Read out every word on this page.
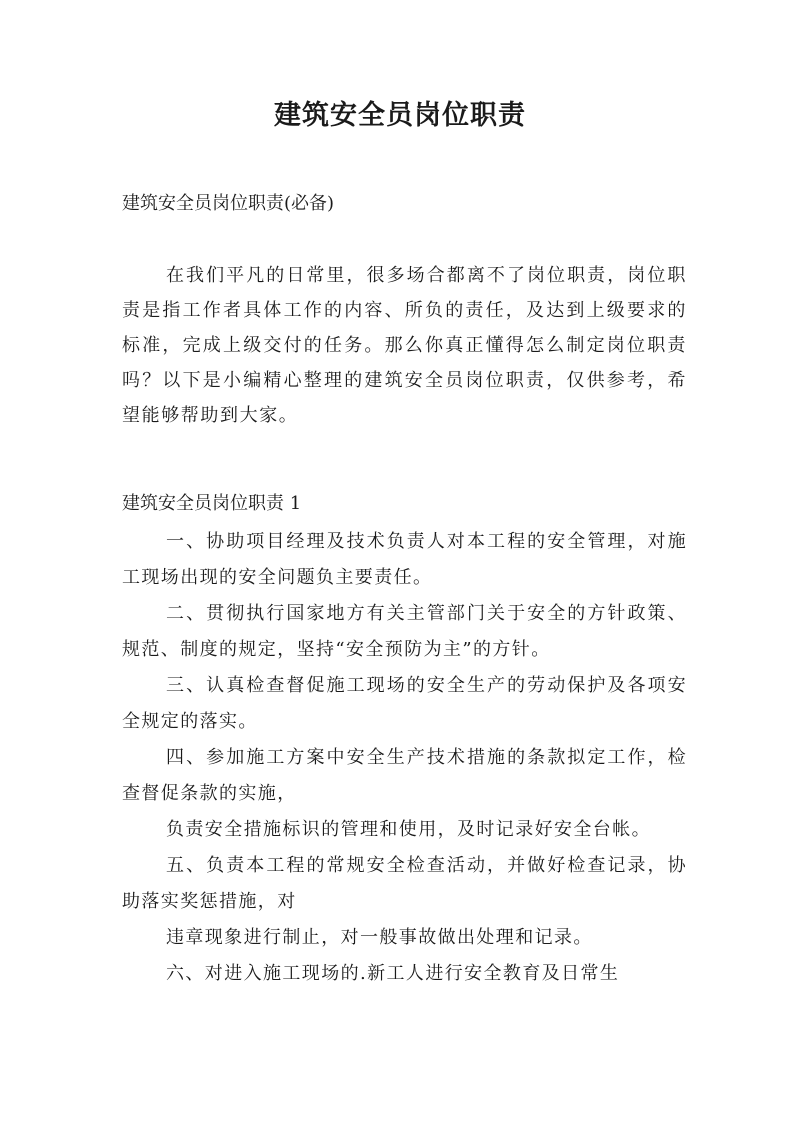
建筑安全员岗位职责
建筑安全员岗位职责(必备)

在我们平凡的日常里，很多场合都离不了岗位职责，岗位职责是指工作者具体工作的内容、所负的责任，及达到上级要求的标准，完成上级交付的任务。那么你真正懂得怎么制定岗位职责吗？以下是小编精心整理的建筑安全员岗位职责，仅供参考，希望能够帮助到大家。

建筑安全员岗位职责 1

一、协助项目经理及技术负责人对本工程的安全管理，对施工现场出现的安全问题负主要责任。

二、贯彻执行国家地方有关主管部门关于安全的方针政策、规范、制度的规定，坚持“安全预防为主”的方针。

三、认真检查督促施工现场的安全生产的劳动保护及各项安全规定的落实。

四、参加施工方案中安全生产技术措施的条款拟定工作，检查督促条款的实施，

负责安全措施标识的管理和使用，及时记录好安全台帐。

五、负责本工程的常规安全检查活动，并做好检查记录，协助落实奖惩措施，对

违章现象进行制止，对一般事故做出处理和记录。

六、对进入施工现场的.新工人进行安全教育及日常生
